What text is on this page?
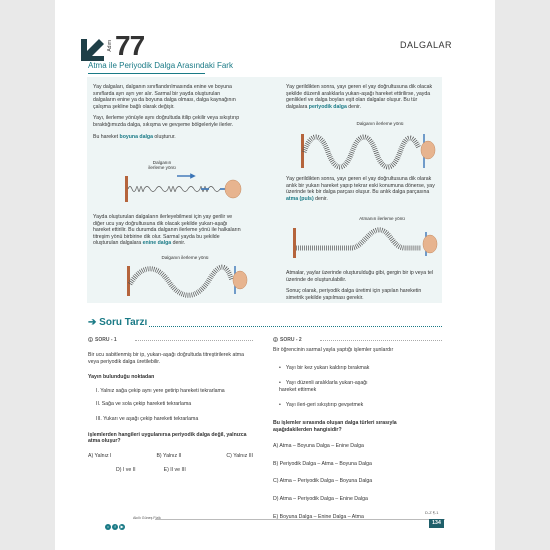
Adım 77	DALGALAR
Atma ile Periyodik Dalga Arasındaki Fark

Yay dalgaları, dalganın sınıflandırılmasında enine ve boyuna sınıflarda ayrı ayrı yer alır. Sarmal bir yayda oluşturulan dalgaların enine ya da boyuna dalga olması, dalga kaynağının çalışma şekline bağlı olarak değişir.

Yayı, ilerleme yönüyle aynı doğrultuda itilip çekilir veya sıkıştırıp bıraktığımızda dalga, sıkışma ve gevşeme bölgeleriyle ilerler.

Bu hareket boyuna dalga oluşturur.

Dalganın ilerleme yönü

Yayda oluşturulan dalgaların ilerleyebilmesi için yay gerilir ve diğer ucu yay doğrultusuna dik olacak şekilde yukarı-aşağı hareket ettirilir. Bu durumda dalganın ilerleme yönü ile halkaların titreşim yönü birbirine dik olur. Sarmal yayda bu şekilde oluşturulan dalgalara enine dalga denir.

Dalganın ilerleme yönü

Yay gerildikten sonra, yayı geren el yay doğrultusuna dik olacak şekilde düzenli aralıklarla yukarı-aşağı hareket ettirilirse, yayda genliklerl ve dalga boyları eşit olan dalgalar oluşur. Bu tür dalgalara periyodik dalga denir.

Dalganın ilerleme yönü

Yay gerildikten sonra, yayı geren el yay doğrultusuna dik olarak anlık bir yukarı hareket yapıp tekrar eski konumuna dönerse, yay üzerinde tek bir dalga parçası oluşur. Bu anlık dalga parçasına atma (puls) denir.

Atmanın ilerleme yönü

Atmalar, yaylar üzerinde oluşturulduğu gibi, gergin bir ip veya tel üzerinde de oluşturulabilir.

Sonuç olarak, periyodik dalga üretimi için yapılan hareketin simetrik şekilde yapılması gerekir.

➔ Soru Tarzı
1 SORU - 1
Bir ucu sabitlenmiş bir ip, yukarı-aşağı doğrultuda titreştirilerek atma veya periyodik dalga üretilebilir.
Yayın bulunduğu noktadan
I. Yalnız sağa çekip aynı yere getirip hareketi tekrarlama
II. Sağa ve sola çekip hareketi tekrarlama
III. Yukarı ve aşağı çekip hareketi tekrarlama
işlemlerden hangileri uygulanırsa periyodik dalga değil, yalnızca atma oluşur?
A) Yalnız I	B) Yalnız II	C) Yalnız III
D) I ve II	E) II ve III
2 SORU - 2
Bir öğrencinin sarmal yayla yaptığı işlemler şunlardır
• Yayı bir kez yukarı kaldırıp bırakmak
• Yayı düzenli aralıklarla yukarı-aşağı hareket ettirmek
• Yayı ileri-geri sıkıştırıp gevşetmek
Bu işlemler sırasında oluşan dalga türleri sırasıyla aşağıdakilerden hangisidir?
A) Atma – Boyuna Dalga – Enine Dalga
B) Periyodik Dalga – Atma – Boyuna Dalga
C) Atma – Periyodik Dalga – Boyuna Dalga
D) Atma – Periyodik Dalga – Enine Dalga
E) Boyuna Dalga – Enine Dalga – Atma
○ f ▶
Akıllı Güneş Fizik
D-Z ¶-1
134
